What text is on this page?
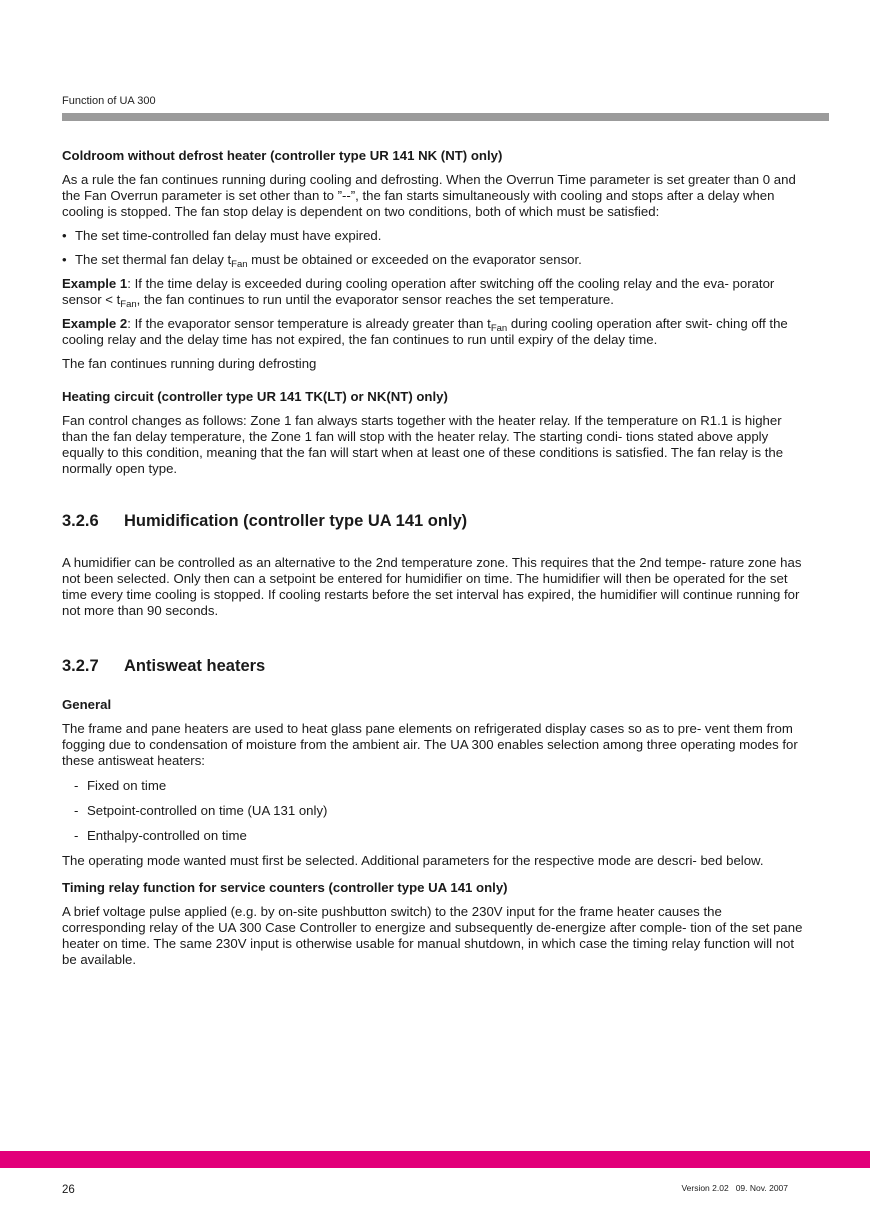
Function of UA 300
Coldroom without defrost heater (controller type UR 141 NK (NT) only)

As a rule the fan continues running during cooling and defrosting. When the Overrun Time parameter is set greater than 0 and the Fan Overrun parameter is set other than to ”--”, the fan starts simultaneously with cooling and stops after a delay when cooling is stopped. The fan stop delay is dependent on two conditions, both of which must be satisfied:

• The set time-controlled fan delay must have expired.

• The set thermal fan delay $t_{Fan}$ must be obtained or exceeded on the evaporator sensor.

Example 1: If the time delay is exceeded during cooling operation after switching off the cooling relay and the eva- porator sensor < $t_{Fan}$, the fan continues to run until the evaporator sensor reaches the set temperature.

Example 2: If the evaporator sensor temperature is already greater than $t_{Fan}$ during cooling operation after swit- ching off the cooling relay and the delay time has not expired, the fan continues to run until expiry of the delay time.

The fan continues running during defrosting

Heating circuit (controller type UR 141 TK(LT) or NK(NT) only)

Fan control changes as follows: Zone 1 fan always starts together with the heater relay. If the temperature on R1.1 is higher than the fan delay temperature, the Zone 1 fan will stop with the heater relay. The starting condi- tions stated above apply equally to this condition, meaning that the fan will start when at least one of these conditions is satisfied. The fan relay is the normally open type.

3.2.6 Humidification (controller type UA 141 only)

A humidifier can be controlled as an alternative to the 2nd temperature zone. This requires that the 2nd tempe- rature zone has not been selected. Only then can a setpoint be entered for humidifier on time. The humidifier will then be operated for the set time every time cooling is stopped. If cooling restarts before the set interval has expired, the humidifier will continue running for not more than 90 seconds.

3.2.7 Antisweat heaters
General

The frame and pane heaters are used to heat glass pane elements on refrigerated display cases so as to pre- vent them from fogging due to condensation of moisture from the ambient air. The UA 300 enables selection among three operating modes for these antisweat heaters:

- Fixed on time

- Setpoint-controlled on time (UA 131 only)

- Enthalpy-controlled on time

The operating mode wanted must first be selected. Additional parameters for the respective mode are descri- bed below.

Timing relay function for service counters (controller type UA 141 only)

A brief voltage pulse applied (e.g. by on-site pushbutton switch) to the 230V input for the frame heater causes the corresponding relay of the UA 300 Case Controller to energize and subsequently de-energize after comple- tion of the set pane heater on time. The same 230V input is otherwise usable for manual shutdown, in which case the timing relay function will not be available.

26	Version 2.02 09. Nov. 2007
